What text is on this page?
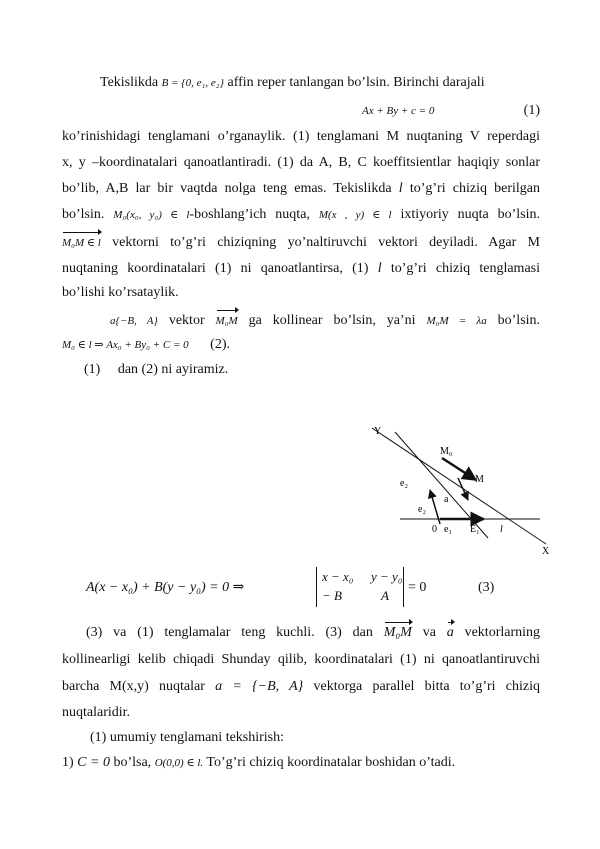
Tekislikda B = {0, e₁, e₂} affin reper tanlangan bo’lsin. Birinchi darajali
Ax + By + c = 0	(1)
ko’rinishidagi tenglamani o’rganaylik. (1) tenglamani M nuqtaning V reperdagi
x, y –koordinatalari qanoatlantiradi. (1) da A, B, C koeffitsientlar haqiqiy sonlar
bo’lib, A,B lar bir vaqtda nolga teng emas. Tekislikda l to’g’ri chiziq berilgan
bo’lsin. M₀(x₀, y₀) ∈ l-boshlang’ich nuqta, M(x , y) ∈ l ixtiyoriy nuqta bo’lsin.
M₀M ∈ l vektorni to’g’ri chiziqning yo’naltiruvchi vektori deyiladi. Agar M
nuqtaning koordinatalari (1) ni qanoatlantirsa, (1) l to’g’ri chiziq tenglamasi
bo’lishi ko’rsataylik.
a{−B, A} vektor M₀M ga kollinear bo’lsin, ya’ni M₀M = λa bo’lsin.
M₀ ∈ l ⇒ Ax₀ + By₀ + C = 0 (2).
(1) dan (2) ni ayiramiz.
Y
M₀
M
e₂
a
e₂
0 e₁ E₁ l
X
A(x − x₀) + B(y − y₀) = 0 ⇒
x − x₀ y − y₀
− B	A
= 0	(3)
(3) va (1) tenglamalar teng kuchli. (3) dan M₀M va a vektorlarning
kollinearligi kelib chiqadi Shunday qilib, koordinatalari (1) ni qanoatlantiruvchi
barcha M(x,y) nuqtalar a = {−B, A} vektorga parallel bitta to’g’ri chiziq
nuqtalaridir.
(1) umumiy tenglamani tekshirish:
1) C = 0 bo’lsa, O(0,0) ∈ l. To’g’ri chiziq koordinatalar boshidan o’tadi.
